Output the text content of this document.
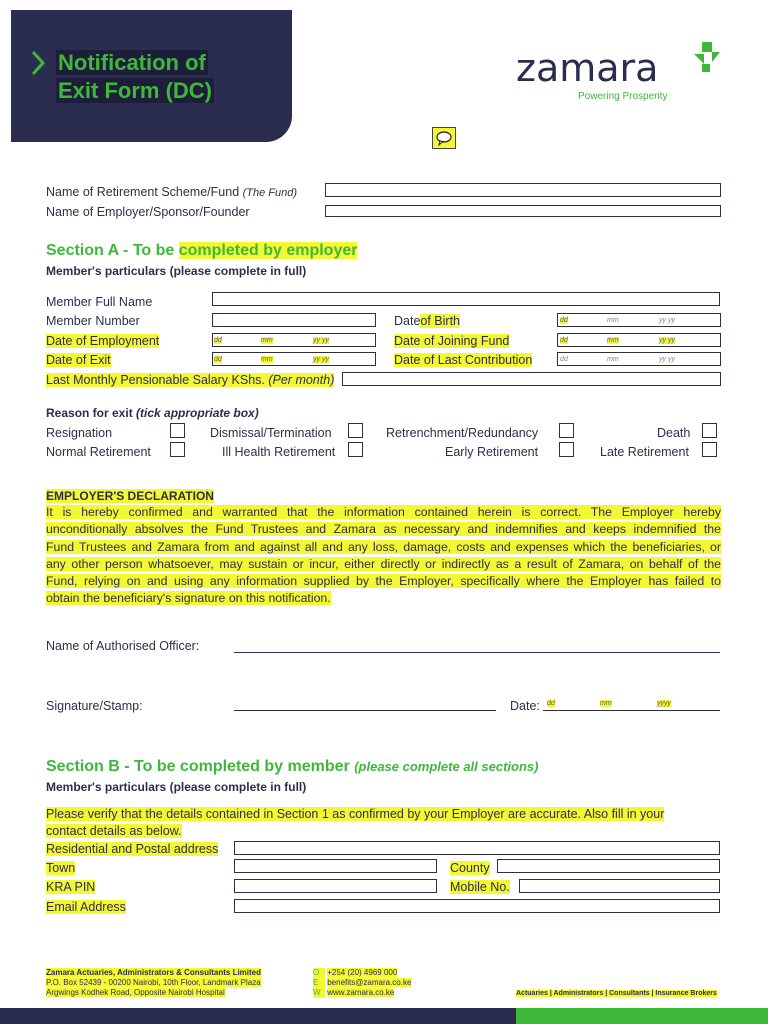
Notification of
Exit Form (DC)
zamara
Powering Prosperity
Name of Retirement Scheme/Fund (The Fund)
Name of Employer/Sponsor/Founder
Section A - To be completed by employer
Member's particulars (please complete in full)
Member Full Name
Member Number	Dateof Birth	dd	mm	yy yy
Date of Employment	dd	mm	yy yy	Date of Joining Fund	dd	mm	yy yy
Date of Exit	dd	mm	yy yy	Date of Last Contribution	dd	mm	yy yy
Last Monthly Pensionable Salary KShs. (Per month)
Reason for exit (tick appropriate box)
Resignation	Dismissal/Termination	Retrenchment/Redundancy	Death
Normal Retirement	Ill Health Retirement	Early Retirement	Late Retirement
EMPLOYER'S DECLARATION
It is hereby confirmed and warranted that the information contained herein is correct. The Employer hereby
unconditionally absolves the Fund Trustees and Zamara as necessary and indemnifies and keeps indemnified the
Fund Trustees and Zamara from and against all and any loss, damage, costs and expenses which the beneficiaries, or
any other person whatsoever, may sustain or incur, either directly or indirectly as a result of Zamara, on behalf of the
Fund, relying on and using any information supplied by the Employer, specifically where the Employer has failed to
obtain the beneficiary's signature on this notification.
Name of Authorised Officer:
Signature/Stamp:	Date: dd	mm	yyyy
Section B - To be completed by member (please complete all sections)
Member's particulars (please complete in full)
Please verify that the details contained in Section 1 as confirmed by your Employer are accurate. Also fill in your
contact details as below.
Residential and Postal address
Town	County
KRA PIN	Mobile No.
Email Address
Zamara Actuaries, Administrators & Consultants Limited
P.O. Box 52439 - 00200 Nairobi, 10th Floor, Landmark Plaza
Argwings Kodhek Road, Opposite Nairobi Hospital
O +254 (20) 4969 000
E benefits@zamara.co.ke
W www.zamara.co.ke	Actuaries | Administrators | Consultants | Insurance Brokers
